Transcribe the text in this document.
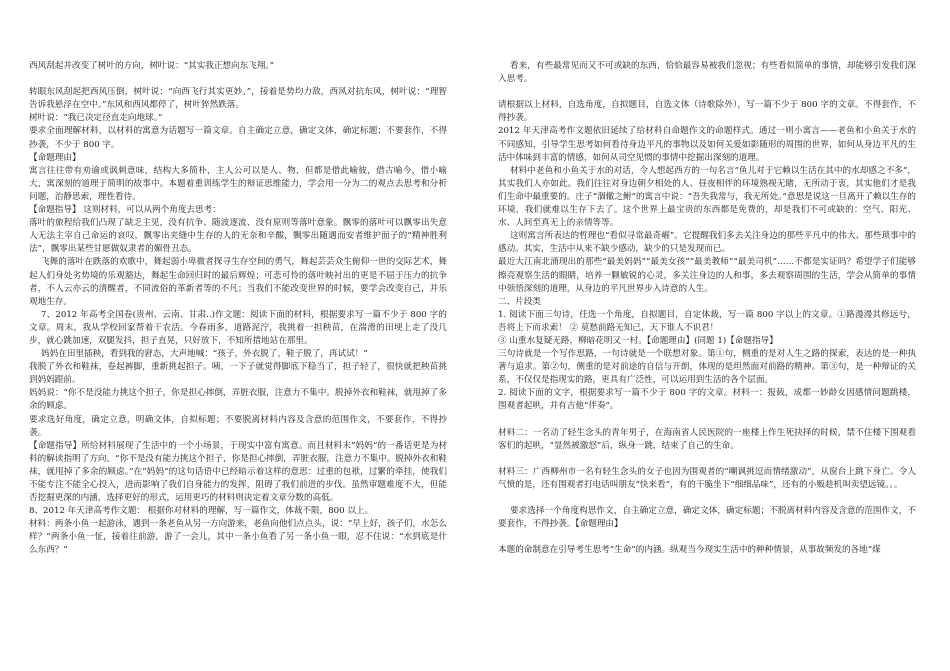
西风刮起并改变了树叶的方向，树叶说：“其实我正想向东飞翔。”

转眼东风刮起把西风压倒，树叶说：“向西飞行其实更妙。”，接着是势均力敌，西风对抗东风，树叶说：“理智告诉我悬浮在空中。”东风和西风都停了，树叶猝然跌落。

树叶说：“我已决定径直走向地球。”

要求全面理解材料，以材料的寓意为话题写一篇文章。自主确定立意，确定文体，确定标题；不要套作，不得抄袭，不少于 800 字。

【命题理由】

寓言往往带有劝谕或讽刺意味，结构大多简朴，主人公可以是人、物，但都是借此喻彼，借古喻今，借小喻大，寓深刻的道理于简明的故事中。本题着重训练学生的辩证思维能力，学会用一分为二的观点去思考和分析问题，治静思索，理性看待。

【命题指导】 这则材料，可以从两个角度去思考：

落叶的旅程给我们凸现了缺乏主见，没有抗争、随波逐流、没有原则等落叶意象。飘零的落叶可以飘零出失意人无法主宰自己命运的哀叹，飘零出夹缝中生存的人的无奈和辛酸，飘零出随遇而安者维护面子的“精神胜利法”，飘零出某些甘愿做奴隶者的媚骨丑态。

飞舞的落叶在跌落的欢歌中，舞起弱小卑微者探寻生存空间的勇气，舞起芸芸众生俯仰一世的交际艺术，舞起人们身处劣势境的乐观豁达，舞起生命回归时的最后辉煌；可悲可怜的落叶映衬出的更是不屈于压力的抗争者，不人云亦云的清醒者，不同流俗的革新者等的不凡；当我们不能改变世界的时候，要学会改变自己，并乐观地生存。

7、2012 年高考全国卷(贵州、云南、甘肃..)作文题：阅读下面的材料，根据要求写一篇不少于 800 字的文章。周末，我从学校回家帮着干农活。今春雨多，道路泥泞，我挑着一担秧苗，在湍滑的田埂上走了没几步，就心跳加速，双腿发抖，担子直晃，只好放下，不知所措地站在那里。

妈妈在田里插秧，看到我的窘态，大声地喊：“孩子，外衣脱了，鞋子脱了，再试试！”

我脱了外衣和鞋袜，卷起裤脚，重新挑起担子。咦，一下子就觉得脚底下稳当了，担子轻了，很快就把秧苗挑到妈妈跟前。

妈妈说：“你不是没能力挑这个担子，你是担心摔倒，弄脏衣服，注意力不集中。脱掉外衣和鞋袜，就甩掉了多余的顾虑。

要求选好角度，确定立意，明确文体，自拟标题；不要脱离材料内容及含意的范围作文，不要套作，不得抄袭。

【命题指导】所给材料展现了生活中的一个小场景，于现实中富有寓意。而且材料末“妈妈”的一番话更是为材料的解读指明了方向。“你不是没有能力挑这个担子，你是担心摔倒，弄脏衣服，注意力不集中。脱掉外衣和鞋袜，就甩掉了多余的顾虑。”在“妈妈”的这句话语中已经暗示着这样的意思：过重的包袱，过繁的牵挂，使我们不能专注不能全心投入，进而影响了我们自身能力的发挥，阻碍了我们前进的步伐。虽然审题难度不大，但能否挖掘更深的内涵，选择更好的形式，运用更巧的材料则决定着文章分数的高低。

8、2012 年天津高考作文题： 根据你对材料的理解，写一篇作文，体裁不限，800 以上。

材料：两条小鱼一起游泳，遇到一条老鱼从另一方向游来，老鱼向他们点点头，说：“早上好，孩子们，水怎么样？”两条小鱼一怔，接着往前游，游了一会儿，其中一条小鱼看了另一条小鱼一眼，忍不住说：“水到底是什么东西？”

看来，有些最常见而又不可或缺的东西，恰恰最容易被我们忽视；有些看似简单的事情，却能够引发我们深入思考。

请根据以上材料，自选角度，自拟题目，自选文体（诗歌除外），写一篇不少于 800 字的文章。不得套作，不得抄袭。

2012 年天津高考作文题依旧延续了给材料自命题作文的命题样式。通过一则小寓言——老鱼和小鱼关于水的不同感知，引导学生思考如何看待身边平凡的事物以及如何关爱如影随形的周围的世界，如何从身边平凡的生活中体味到丰富的情感，如何从司空见惯的事情中挖掘出深刻的道理。

材料中老鱼和小鱼关于水的对话，令人想起西方的一句名言“鱼儿对于它赖以生活在其中的水却感之不多”，其实我们人亦如此。我们往往对身边朝夕相处的人、昼夜相伴的环境熟视无睹，无所动于衷，其实他们才是我们生命中最重要的。庄子“涸辙之鲋”的寓言中说：“吾失我常与，我无所处。”意思是说这一旦离开了赖以生存的环境，我们就难以生存下去了。这个世界上最宝贵的东西都是免费的，却是我们不可或缺的：空气、阳光、水、人间至真无上的亲情等等。

这则寓言所表达的哲理也“看似寻常最奇崛”。它提醒我们多去关注身边的那些平凡中的伟大、那些琐事中的感动。其实，生活中从来不缺少感动，缺少的只是发现而已。

最近大江南北涌现出的那些“最美妈妈”“最美女孩”“最美教师”“最美司机”……不都是实证吗？希望学子们能够擦亮观察生活的眼睛，培养一颗敏锐的心灵，多关注身边的人和事，多去观察周围的生活，学会从简单的事情中领悟深刻的道理，从身边的平凡世界步入诗意的人生。

二、片段类

1. 阅读下面三句诗，任选一个角度，自拟题目，自定体裁，写一篇 800 字以上的文章。①路漫漫其修远兮，吾将上下而求索！ ② 莫愁前路无知己，天下谁人不识君！

③ 山重水复疑无路，柳暗花明又一村。【命题理由】(同题 1)【命题指导】

三句诗就是一个写作思路，一句诗就是一个联想对象。第①句，侧重的是对人生之路的探索，表达的是一种执著与追求。第②句，侧重的是对前途的自信与开朗，体现的是坦然面对前路的精神。第③句，是一种辩证的关系，不仅仅是指现实的路，更具有广泛性，可以运用到生活的各个层面。

2. 阅读下面的文字，根据要求写一篇不少于 800 字的文章。材料一：报载，成都一妙龄女因感情问题跳楼，围观者起哄，并有吉他“伴奏”。

材料二：一名动了轻生念头的青年男子，在海南省人民医院的一座楼上作生死抉择的时候，禁不住楼下围观看客们的起哄，“显然被激怒”后，纵身一跳，结束了自己的生命。

材料三：广西柳州市一名有轻生念头的女子也因为围观者的“嘲讽挑逗而情绪激动”，从窗台上跳下身亡。令人气愤的是，还有围观者打电话叫朋友“快来看”，有的干脆坐下“细细品味”，还有的小贩趁机叫卖望远镜。。。

要求选择一个角度构思作文，自主确定立意，确定文体，确定标题；不脱离材料内容及含意的范围作文，不要套作，不得抄袭。【命题理由】

本题的命制意在引导考生思考“生命”的内涵。纵观当今现实生活中的种种情景，从事故频发的各地“煤
